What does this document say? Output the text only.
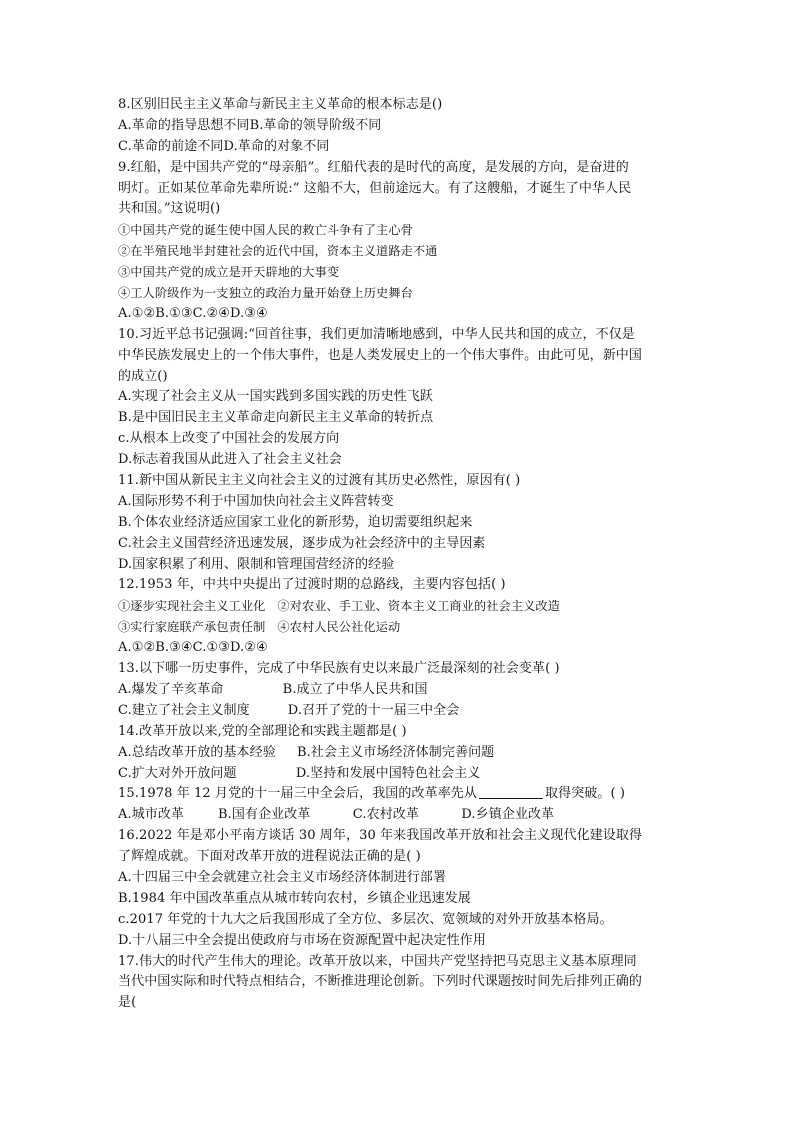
8.区别旧民主主义革命与新民主主义革命的根本标志是()
A.革命的指导思想不同B.革命的领导阶级不同
C.革命的前途不同D.革命的对象不同
9.红船，是中国共产党的“母亲船”。红船代表的是时代的高度，是发展的方向，是奋进的
明灯。正如某位革命先辈所说:“ 这船不大，但前途远大。有了这艘船，才诞生了中华人民
共和国。”这说明()
①中国共产党的诞生使中国人民的救亡斗争有了主心骨
②在半殖民地半封建社会的近代中国，资本主义道路走不通
③中国共产党的成立是开天辟地的大事变
④工人阶级作为一支独立的政治力量开始登上历史舞台
A.①②B.①③C.②④D.③④
10.习近平总书记强调:“回首往事，我们更加清晰地感到，中华人民共和国的成立，不仅是
中华民族发展史上的一个伟大事件，也是人类发展史上的一个伟大事件。由此可见，新中国
的成立()
A.实现了社会主义从一国实践到多国实践的历史性飞跃
B.是中国旧民主主义革命走向新民主主义革命的转折点
c.从根本上改变了中国社会的发展方向
D.标志着我国从此进入了社会主义社会
11.新中国从新民主主义向社会主义的过渡有其历史必然性，原因有( )
A.国际形势不利于中国加快向社会主义阵营转变
B.个体农业经济适应国家工业化的新形势，迫切需要组织起来
C.社会主义国营经济迅速发展，逐步成为社会经济中的主导因素
D.国家积累了利用、限制和管理国营经济的经验
12.1953 年，中共中央提出了过渡时期的总路线，主要内容包括( )
①逐步实现社会主义工业化   ②对农业、手工业、资本主义工商业的社会主义改造
③实行家庭联产承包责任制   ④农村人民公社化运动
A.①②B.③④C.①③D.②④
13.以下哪一历史事件，完成了中华民族有史以来最广泛最深刻的社会变革( )
A.爆发了辛亥革命              B.成立了中华人民共和国
C.建立了社会主义制度         D.召开了党的十一届三中全会
14.改革开放以来,党的全部理论和实践主题都是( )
A.总结改革开放的基本经验     B.社会主义市场经济体制完善问题
C.扩大对外开放问题              D.坚持和发展中国特色社会主义
15.1978 年 12 月党的十一届三中全会后，我国的改革率先从	取得突破。( )
A.城市改革        B.国有企业改革          C.农村改革          D.乡镇企业改革
16.2022 年是邓小平南方谈话 30 周年，30 年来我国改革开放和社会主义现代化建设取得
了辉煌成就。下面对改革开放的进程说法正确的是( )
A.十四届三中全会就建立社会主义市场经济体制进行部署
B.1984 年中国改革重点从城市转向农村，乡镇企业迅速发展
c.2017 年党的十九大之后我国形成了全方位、多层次、宽领域的对外开放基本格局。
D.十八届三中全会提出使政府与市场在资源配置中起决定性作用
17.伟大的时代产生伟大的理论。改革开放以来，中国共产党坚持把马克思主义基本原理同
当代中国实际和时代特点相结合，不断推进理论创新。下列时代课题按时间先后排列正确的
是(
